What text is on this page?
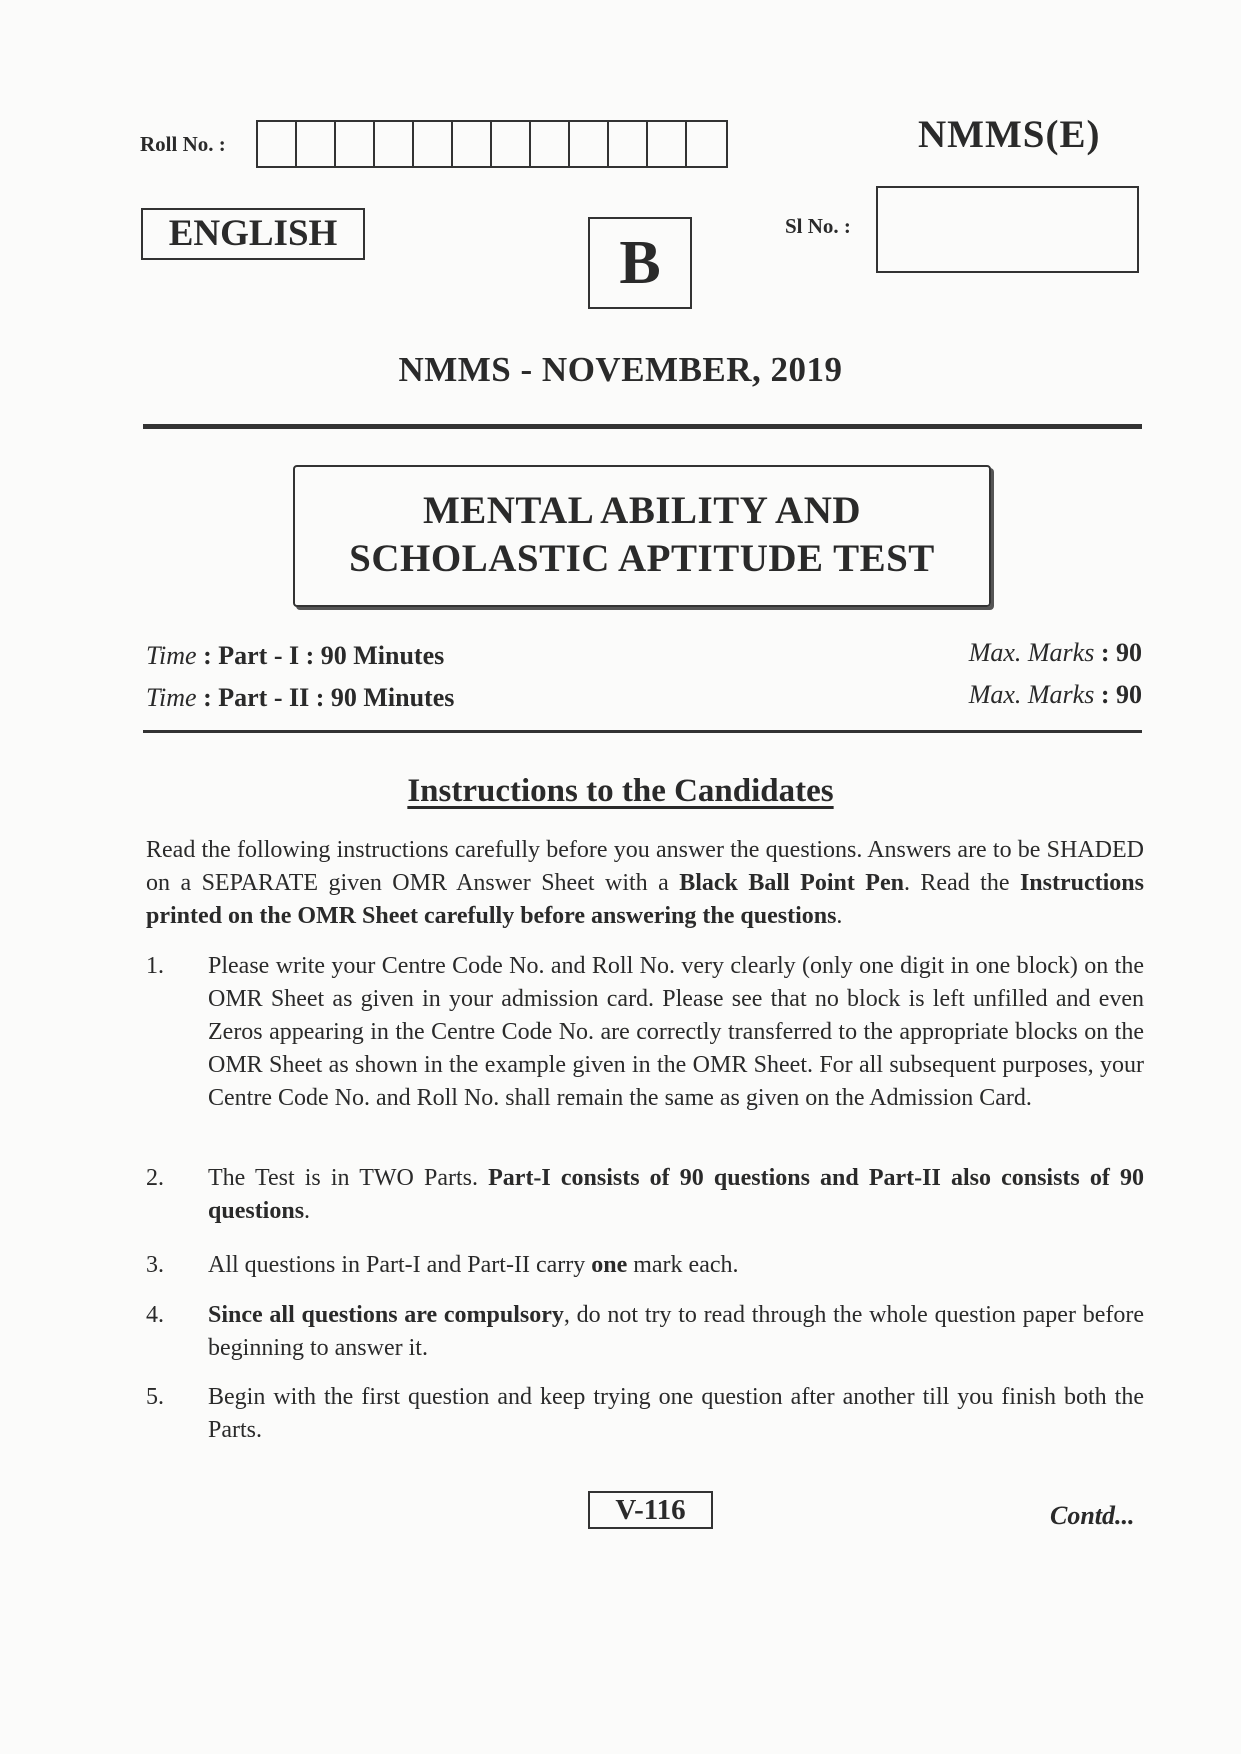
Roll No. :	NMMS(E)
ENGLISH	B
Sl No. :
NMMS - NOVEMBER, 2019
MENTAL ABILITY AND
SCHOLASTIC APTITUDE TEST
Time : Part - I : 90 Minutes	Max. Marks : 90
Time : Part - II : 90 Minutes	Max. Marks : 90
Instructions to the Candidates
Read the following instructions carefully before you answer the questions. Answers are to be SHADED on a SEPARATE given OMR Answer Sheet with a Black Ball Point Pen. Read the Instructions printed on the OMR Sheet carefully before answering the questions.
1.	Please write your Centre Code No. and Roll No. very clearly (only one digit in one block) on the OMR Sheet as given in your admission card. Please see that no block is left unfilled and even Zeros appearing in the Centre Code No. are correctly transferred to the appropriate blocks on the OMR Sheet as shown in the example given in the OMR Sheet. For all subsequent purposes, your Centre Code No. and Roll No. shall remain the same as given on the Admission Card.
2.	The Test is in TWO Parts. Part-I consists of 90 questions and Part-II also consists of 90 questions.
3.	All questions in Part-I and Part-II carry one mark each.
4.	Since all questions are compulsory, do not try to read through the whole question paper before beginning to answer it.
5.	Begin with the first question and keep trying one question after another till you finish both the Parts.
V-116	Contd...
